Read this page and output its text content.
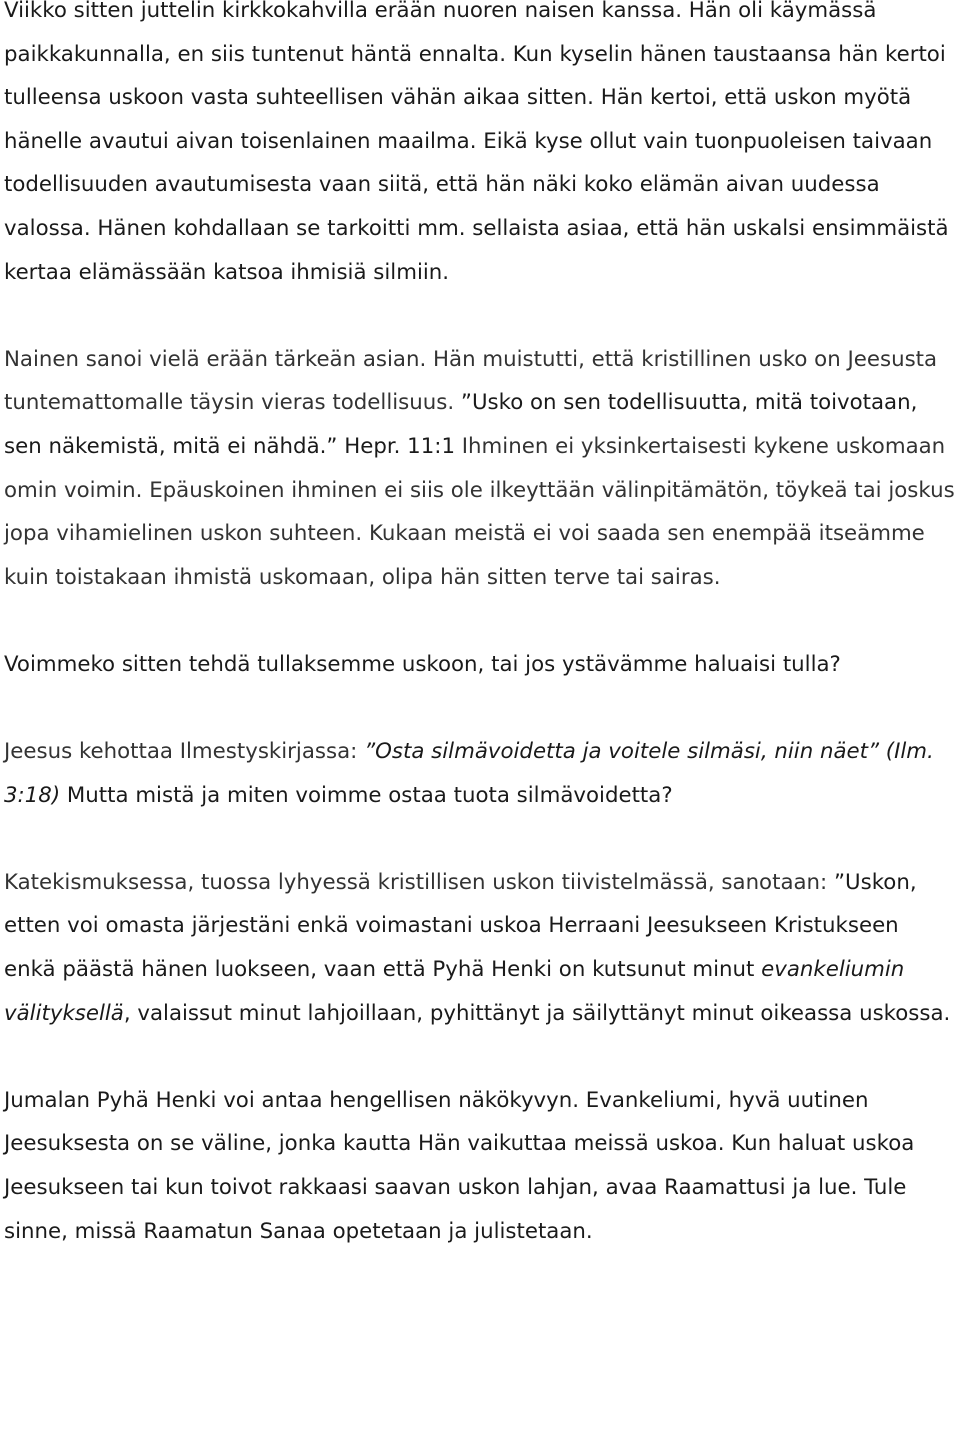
Viikko sitten juttelin kirkkokahvilla erään nuoren naisen kanssa. Hän oli käymässä paikkakunnalla, en siis tuntenut häntä ennalta. Kun kyselin hänen taustaansa hän kertoi tulleensa uskoon vasta suhteellisen vähän aikaa sitten. Hän kertoi, että uskon myötä hänelle avautui aivan toisenlainen maailma. Eikä kyse ollut vain tuonpuoleisen taivaan todellisuuden avautumisesta vaan siitä, että hän näki koko elämän aivan uudessa valossa. Hänen kohdallaan se tarkoitti mm. sellaista asiaa, että hän uskalsi ensimmäistä kertaa elämässään katsoa ihmisiä silmiin.

Nainen sanoi vielä erään tärkeän asian. Hän muistutti, että kristillinen usko on Jeesusta tuntemattomalle täysin vieras todellisuus. ”Usko on sen todellisuutta, mitä toivotaan, sen näkemistä, mitä ei nähdä.” Hepr. 11:1 Ihminen ei yksinkertaisesti kykene uskomaan omin voimin. Epäuskoinen ihminen ei siis ole ilkeyttään välinpitämätön, töykeä tai joskus jopa vihamielinen uskon suhteen. Kukaan meistä ei voi saada sen enempää itseämme kuin toistakaan ihmistä uskomaan, olipa hän sitten terve tai sairas.

Voimmeko sitten tehdä tullaksemme uskoon, tai jos ystävämme haluaisi tulla?

Jeesus kehottaa Ilmestyskirjassa: ”Osta silmävoidetta ja voitele silmäsi, niin näet” (Ilm. 3:18) Mutta mistä ja miten voimme ostaa tuota silmävoidetta?

Katekismuksessa, tuossa lyhyessä kristillisen uskon tiivistelmässä, sanotaan: ”Uskon, etten voi omasta järjestäni enkä voimastani uskoa Herraani Jeesukseen Kristukseen enkä päästä hänen luokseen, vaan että Pyhä Henki on kutsunut minut evankeliumin välityksellä, valaissut minut lahjoillaan, pyhittänyt ja säilyttänyt minut oikeassa uskossa.

Jumalan Pyhä Henki voi antaa hengellisen näkökyvyn. Evankeliumi, hyvä uutinen Jeesuksesta on se väline, jonka kautta Hän vaikuttaa meissä uskoa. Kun haluat uskoa Jeesukseen tai kun toivot rakkaasi saavan uskon lahjan, avaa Raamattusi ja lue. Tule sinne, missä Raamatun Sanaa opetetaan ja julistetaan.
